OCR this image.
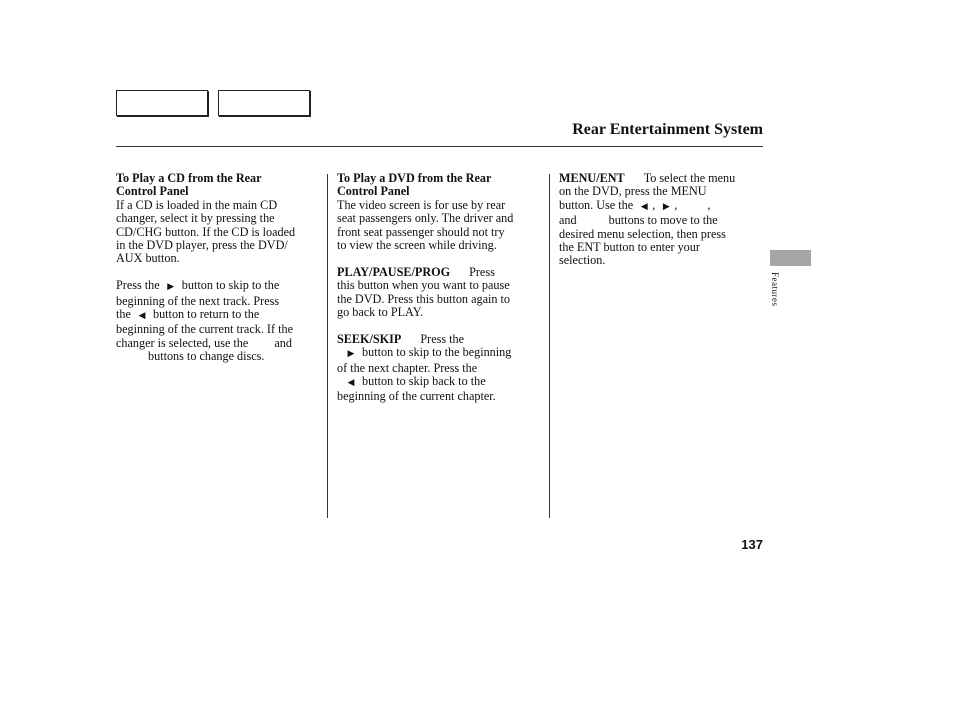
Rear Entertainment System
Features
137
To Play a CD from the Rear
Control Panel
If a CD is loaded in the main CD
changer, select it by pressing the
CD/CHG button. If the CD is loaded
in the DVD player, press the DVD/
AUX button.
Press the ▶ button to skip to the
beginning of the next track. Press
the ◀ button to return to the
beginning of the current track. If the
changer is selected, use the and
buttons to change discs.
To Play a DVD from the Rear
Control Panel
The video screen is for use by rear
seat passengers only. The driver and
front seat passenger should not try
to view the screen while driving.
PLAY/PAUSE/PROG Press
this button when you want to pause
the DVD. Press this button again to
go back to PLAY.
SEEK/SKIP Press the
▶ button to skip to the beginning
of the next chapter. Press the
◀ button to skip back to the
beginning of the current chapter.
MENU/ENT To select the menu
on the DVD, press the MENU
button. Use the ◀ , ▶ , ,
and	buttons to move to the
desired menu selection, then press
the ENT button to enter your
selection.
